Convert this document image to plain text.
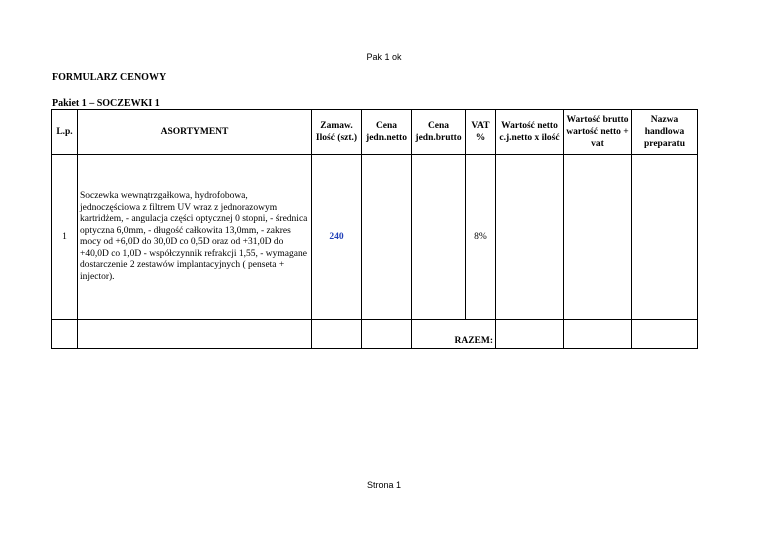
Pak 1 ok
FORMULARZ CENOWY
Pakiet 1 – SOCZEWKI 1
L.p.	ASORTYMENT	Zamaw. Ilość (szt.)	Cena jedn.netto	Cena jedn.brutto	VAT %	Wartość netto c.j.netto x ilość	Wartość brutto wartość netto + vat	Nazwa handlowa preparatu
1	Soczewka wewnątrzgałkowa, hydrofobowa, jednoczęściowa z filtrem UV wraz z jednorazowym kartridżem, - angulacja części optycznej 0 stopni, - średnica optyczna 6,0mm, - długość całkowita 13,0mm, - zakres mocy od +6,0D do 30,0D co 0,5D oraz od +31,0D do +40,0D co 1,0D - współczynnik refrakcji 1,55, - wymagane dostarczenie 2 zestawów implantacyjnych ( penseta + injector).	240			8%			
				RAZEM:				
Strona 1
